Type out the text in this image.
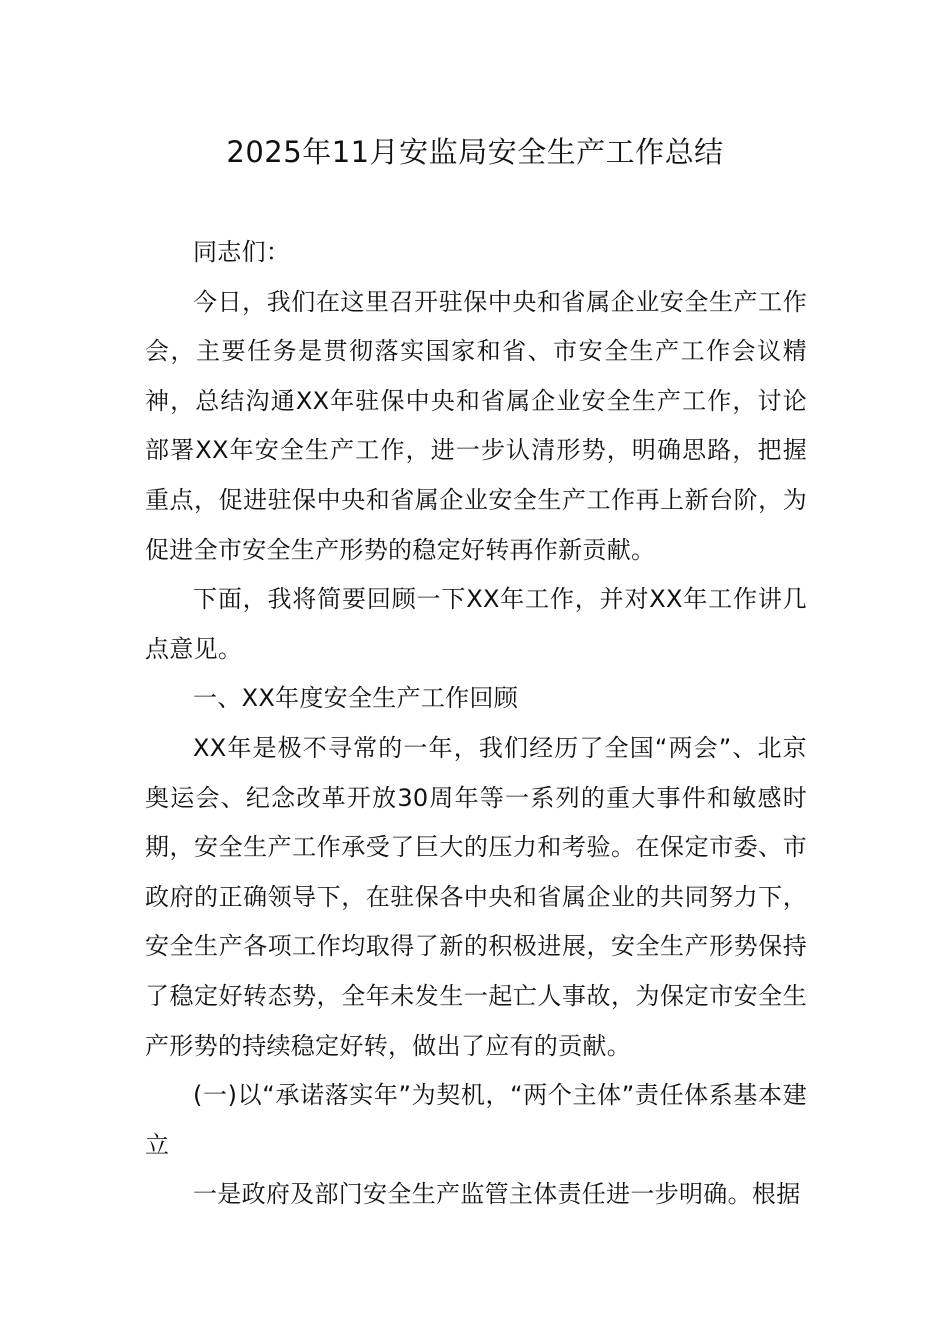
2025年11月安监局安全生产工作总结

同志们：

今日，我们在这里召开驻保中央和省属企业安全生产工作会，主要任务是贯彻落实国家和省、市安全生产工作会议精神，总结沟通XX年驻保中央和省属企业安全生产工作，讨论部署XX年安全生产工作，进一步认清形势，明确思路，把握重点，促进驻保中央和省属企业安全生产工作再上新台阶，为促进全市安全生产形势的稳定好转再作新贡献。

下面，我将简要回顾一下XX年工作，并对XX年工作讲几点意见。

一、XX年度安全生产工作回顾

XX年是极不寻常的一年，我们经历了全国“两会”、北京奥运会、纪念改革开放30周年等一系列的重大事件和敏感时期，安全生产工作承受了巨大的压力和考验。在保定市委、市政府的正确领导下，在驻保各中央和省属企业的共同努力下，安全生产各项工作均取得了新的积极进展，安全生产形势保持了稳定好转态势，全年未发生一起亡人事故，为保定市安全生产形势的持续稳定好转，做出了应有的贡献。

(一)以“承诺落实年”为契机，“两个主体”责任体系基本建立

一是政府及部门安全生产监管主体责任进一步明确。根据
